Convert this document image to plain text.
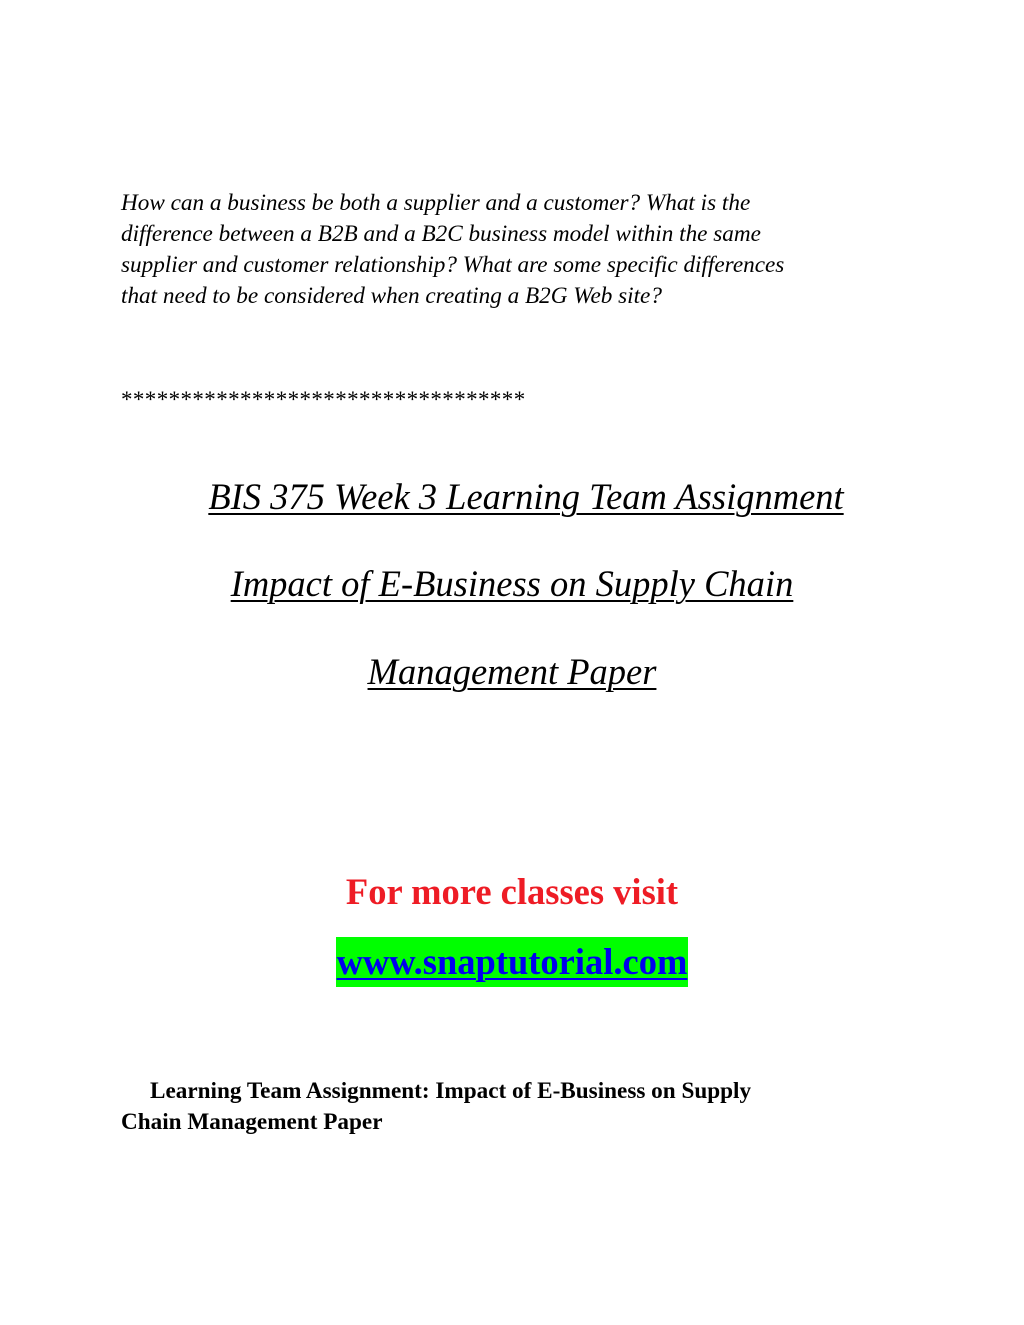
How can a business be both a supplier and a customer? What is the
difference between a B2B and a B2C business model within the same
supplier and customer relationship? What are some specific differences
that need to be considered when creating a B2G Web site?

**********************************

BIS 375 Week 3 Learning Team Assignment

Impact of E-Business on Supply Chain

Management Paper

For more classes visit

www.snaptutorial.com

Learning Team Assignment: Impact of E-Business on Supply
Chain Management Paper
